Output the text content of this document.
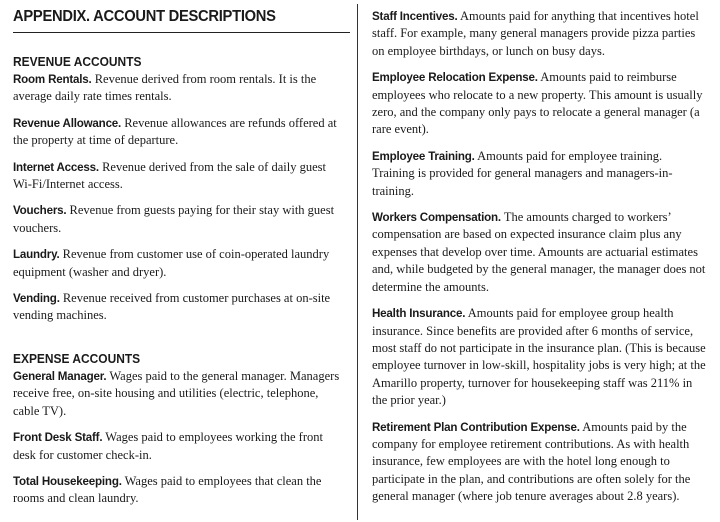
APPENDIX. ACCOUNT DESCRIPTIONS
REVENUE ACCOUNTS

Room Rentals. Revenue derived from room rentals. It is the average daily rate times rentals.

Revenue Allowance. Revenue allowances are refunds offered at the property at time of departure.

Internet Access. Revenue derived from the sale of daily guest Wi-Fi/Internet access.

Vouchers. Revenue from guests paying for their stay with guest vouchers.

Laundry. Revenue from customer use of coin-operated laundry equipment (washer and dryer).

Vending. Revenue received from customer purchases at on-site vending machines.

EXPENSE ACCOUNTS

General Manager. Wages paid to the general manager. Managers receive free, on-site housing and utilities (electric, telephone, cable TV).

Front Desk Staff. Wages paid to employees working the front desk for customer check-in.

Total Housekeeping. Wages paid to employees that clean the rooms and clean laundry.

Staff Incentives. Amounts paid for anything that incentives hotel staff. For example, many general managers provide pizza parties on employee birthdays, or lunch on busy days.

Employee Relocation Expense. Amounts paid to reimburse employees who relocate to a new property. This amount is usually zero, and the company only pays to relocate a general manager (a rare event).

Employee Training. Amounts paid for employee training. Training is provided for general managers and managers-in-training.

Workers Compensation. The amounts charged to workers’ compensation are based on expected insurance claim plus any expenses that develop over time. Amounts are actuarial estimates and, while budgeted by the general manager, the manager does not determine the amounts.

Health Insurance. Amounts paid for employee group health insurance. Since benefits are provided after 6 months of service, most staff do not participate in the insurance plan. (This is because employee turnover in low-skill, hospitality jobs is very high; at the Amarillo property, turnover for housekeeping staff was 211% in the prior year.)

Retirement Plan Contribution Expense. Amounts paid by the company for employee retirement contributions. As with health insurance, few employees are with the hotel long enough to participate in the plan, and contributions are often solely for the general manager (where job tenure averages about 2.8 years).
